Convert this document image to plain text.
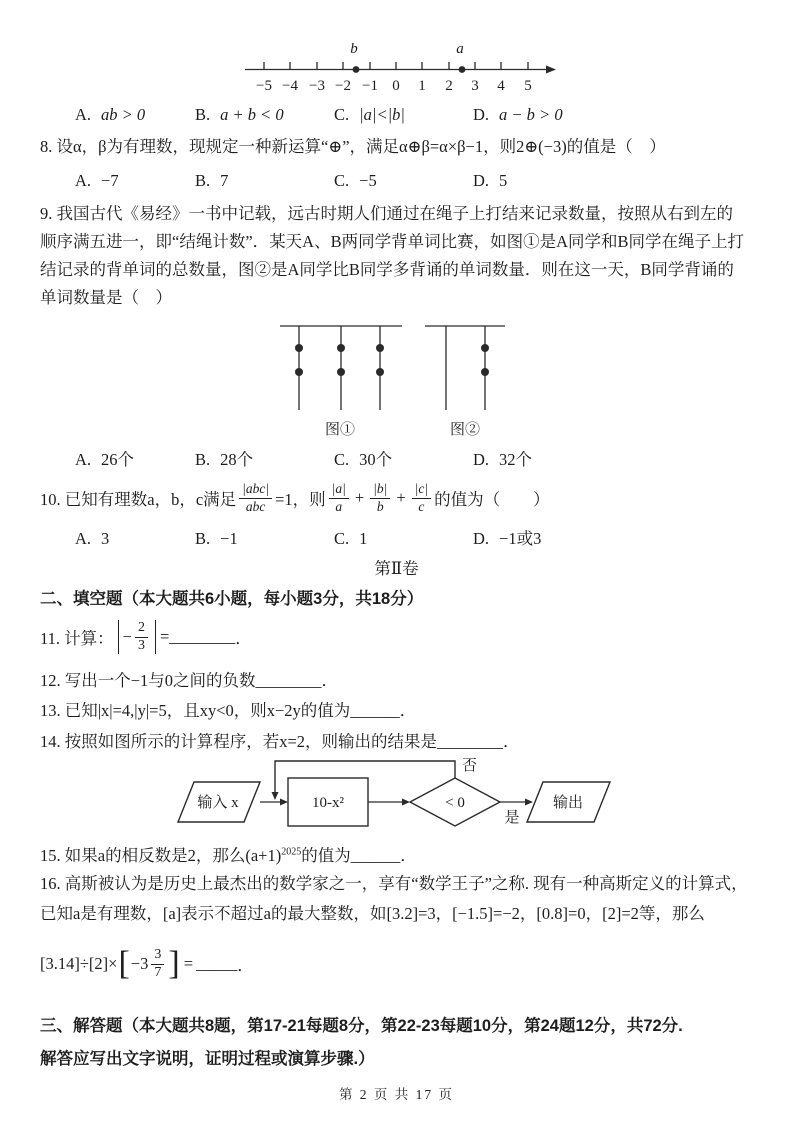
−5 −4 −3 −2 −1 0 1 2 3 4 5
b	a
A. ab > 0	B. a + b < 0	C. |a|<|b|	D. a − b > 0
8. 设α，β为有理数，现规定一种新运算“⊕”，满足α⊕β=α×β−1，则2⊕(−3)的值是（　）
A. −7	B. 7	C. −5	D. 5
9. 我国古代《易经》一书中记载，远古时期人们通过在绳子上打结来记录数量，按照从右到左的
顺序满五进一，即“结绳计数”．某天A、B两同学背单词比赛，如图①是A同学和B同学在绳子上打
结记录的背单词的总数量，图②是A同学比B同学多背诵的单词数量．则在这一天，B同学背诵的
单词数量是（　）
图①	图②
A. 26个	B. 28个	C. 30个	D. 32个
10. 已知有理数a，b，c满足 $\frac{\text{|abc|}}{\text{abc}} =1$，则 $\frac{|a|}{a} + \frac{|b|}{b} + \frac{|c|}{c}$ 的值为（　　）
A. 3	B. −1	C. 1	D. −1或3
第Ⅱ卷
二、填空题（本大题共6小题，每小题3分，共18分）
11. 计算： − $\frac{2}{3}$ = ________ ．
12. 写出一个−1与0之间的负数________．
13. 已知|x|=4,|y|=5，且xy<0，则x−2y的值为______．
14. 按照如图所示的计算程序，若x=2，则输出的结果是________．
输入 x	10-x²	< 0
否
是
输出
15. 如果a的相反数是2，那么$(a+1)^{2025}$的值为______．
16. 高斯被认为是历史上最杰出的数学家之一，享有“数学王子”之称. 现有一种高斯定义的计算式，
已知a是有理数，[a]表示不超过a的最大整数，如[3.2]=3，[−1.5]=−2，[0.8]=0，[2]=2等，那么
[3.14]÷[2]× [ $-3 \frac{3}{7}$ ] = _____ ．
三、解答题（本大题共8题，第17-21每题8分，第22-23每题10分，第24题12分，共72分.
解答应写出文字说明，证明过程或演算步骤.）
第 2 页 共 17 页
